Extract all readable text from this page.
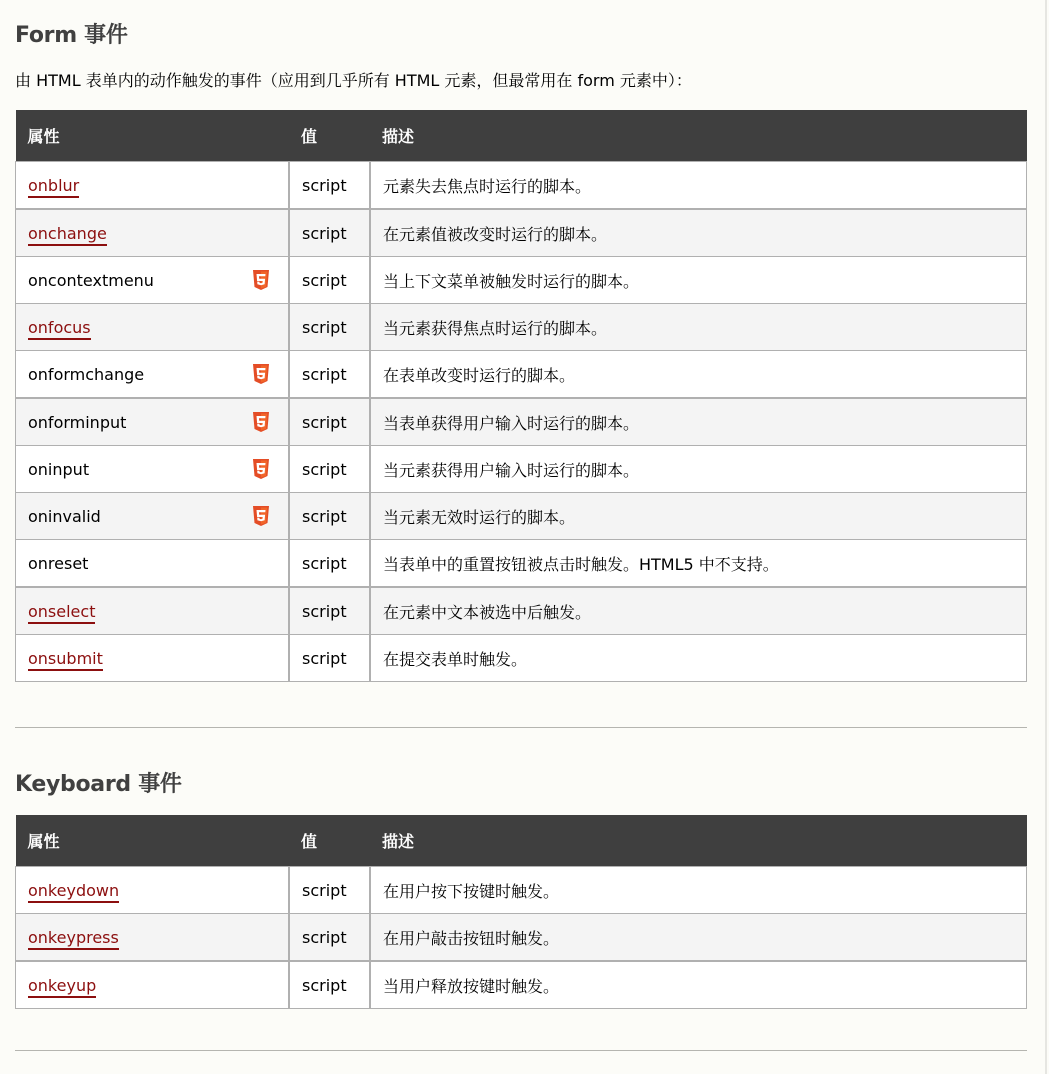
Form 事件
由 HTML 表单内的动作触发的事件（应用到几乎所有 HTML 元素，但最常用在 form 元素中）：
属性	值	描述
onblur	script	元素失去焦点时运行的脚本。
onchange	script	在元素值被改变时运行的脚本。
oncontextmenu	script	当上下文菜单被触发时运行的脚本。
onfocus	script	当元素获得焦点时运行的脚本。
onformchange	script	在表单改变时运行的脚本。
onforminput	script	当表单获得用户输入时运行的脚本。
oninput	script	当元素获得用户输入时运行的脚本。
oninvalid	script	当元素无效时运行的脚本。
onreset	script	当表单中的重置按钮被点击时触发。HTML5 中不支持。
onselect	script	在元素中文本被选中后触发。
onsubmit	script	在提交表单时触发。
Keyboard 事件
属性	值	描述
onkeydown	script	在用户按下按键时触发。
onkeypress	script	在用户敲击按钮时触发。
onkeyup	script	当用户释放按键时触发。
